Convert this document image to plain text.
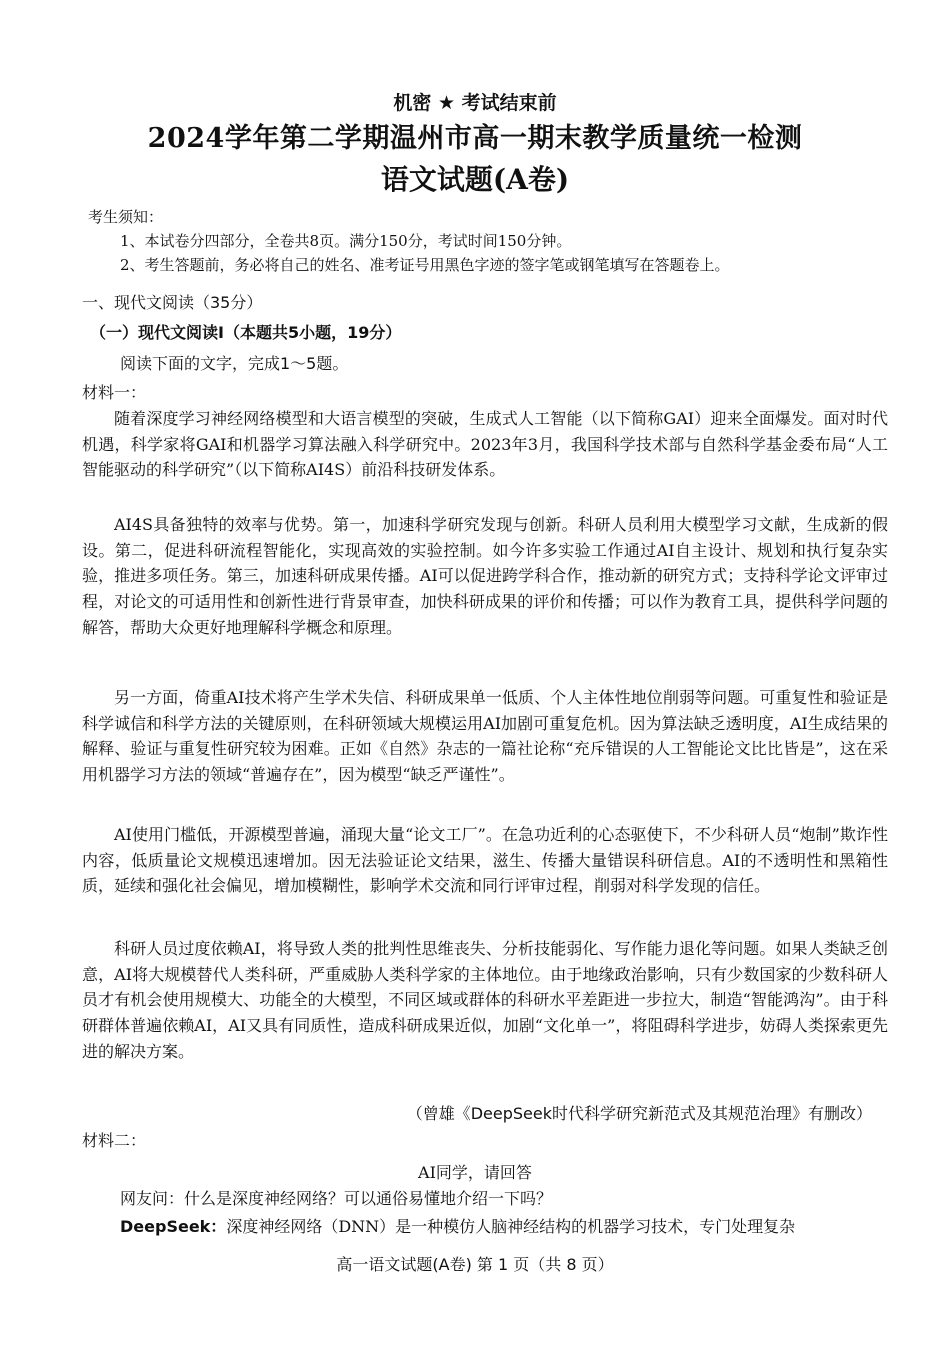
机密 ★ 考试结束前
2024学年第二学期温州市高一期末教学质量统一检测
语文试题(A卷)
考生须知：
1、本试卷分四部分，全卷共8页。满分150分，考试时间150分钟。
2、考生答题前，务必将自己的姓名、准考证号用黑色字迹的签字笔或钢笔填写在答题卷上。
一、现代文阅读（35分）
（一）现代文阅读Ⅰ（本题共5小题，19分）
阅读下面的文字，完成1～5题。
材料一：

随着深度学习神经网络模型和大语言模型的突破，生成式人工智能（以下简称GAI）迎来全面爆发。面对时代机遇，科学家将GAI和机器学习算法融入科学研究中。2023年3月，我国科学技术部与自然科学基金委布局“人工智能驱动的科学研究”（以下简称AI4S）前沿科技研发体系。

AI4S具备独特的效率与优势。第一，加速科学研究发现与创新。科研人员利用大模型学习文献，生成新的假设。第二，促进科研流程智能化，实现高效的实验控制。如今许多实验工作通过AI自主设计、规划和执行复杂实验，推进多项任务。第三，加速科研成果传播。AI可以促进跨学科合作，推动新的研究方式；支持科学论文评审过程，对论文的可适用性和创新性进行背景审查，加快科研成果的评价和传播；可以作为教育工具，提供科学问题的解答，帮助大众更好地理解科学概念和原理。

另一方面，倚重AI技术将产生学术失信、科研成果单一低质、个人主体性地位削弱等问题。可重复性和验证是科学诚信和科学方法的关键原则，在科研领域大规模运用AI加剧可重复危机。因为算法缺乏透明度，AI生成结果的解释、验证与重复性研究较为困难。正如《自然》杂志的一篇社论称“充斥错误的人工智能论文比比皆是”，这在采用机器学习方法的领域“普遍存在”，因为模型“缺乏严谨性”。

AI使用门槛低，开源模型普遍，涌现大量“论文工厂”。在急功近利的心态驱使下，不少科研人员“炮制”欺诈性内容，低质量论文规模迅速增加。因无法验证论文结果，滋生、传播大量错误科研信息。AI的不透明性和黑箱性质，延续和强化社会偏见，增加模糊性，影响学术交流和同行评审过程，削弱对科学发现的信任。

科研人员过度依赖AI，将导致人类的批判性思维丧失、分析技能弱化、写作能力退化等问题。如果人类缺乏创意，AI将大规模替代人类科研，严重威胁人类科学家的主体地位。由于地缘政治影响，只有少数国家的少数科研人员才有机会使用规模大、功能全的大模型，不同区域或群体的科研水平差距进一步拉大，制造“智能鸿沟”。由于科研群体普遍依赖AI，AI又具有同质性，造成科研成果近似，加剧“文化单一”，将阻碍科学进步，妨碍人类探索更先进的解决方案。

（曾雄《DeepSeek时代科学研究新范式及其规范治理》有删改）
材料二：
AI同学，请回答
网友问：什么是深度神经网络？可以通俗易懂地介绍一下吗？
DeepSeek：深度神经网络（DNN）是一种模仿人脑神经结构的机器学习技术，专门处理复杂
高一语文试题(A卷) 第 1 页（共 8 页）
